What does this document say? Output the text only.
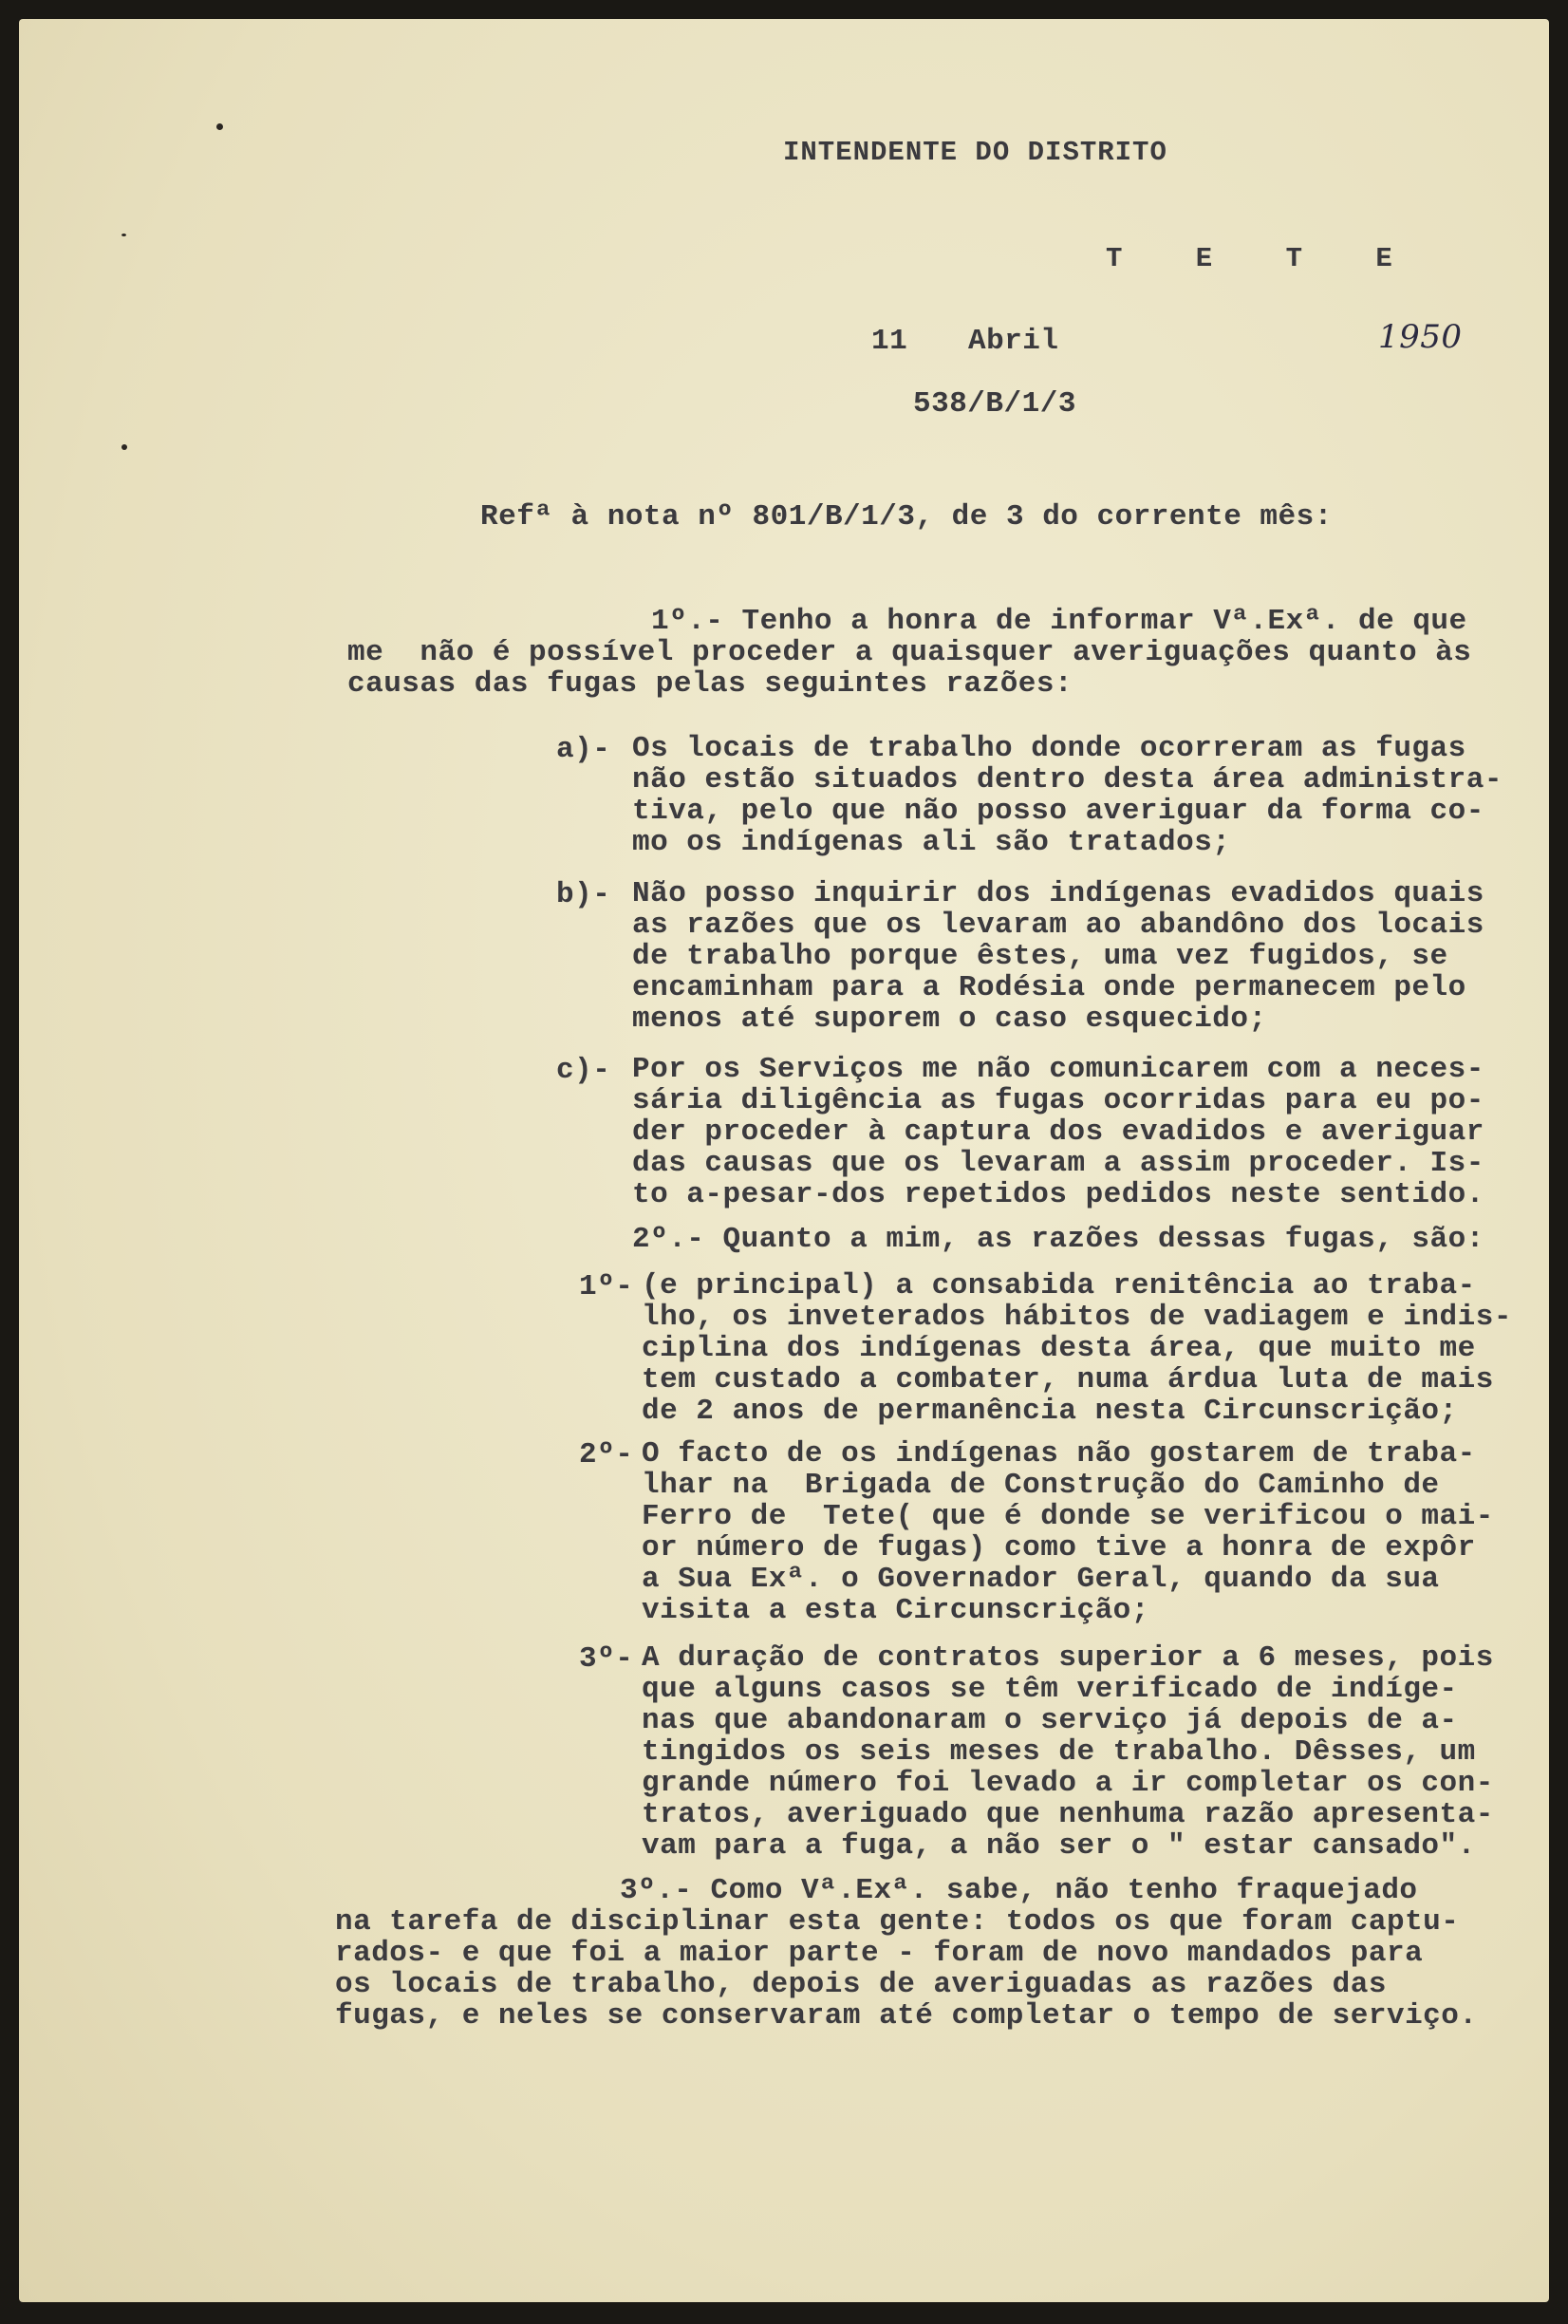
INTENDENTE DO DISTRITO

T E T E

11 Abril	1950

538/B/1/3

Refª à nota nº 801/B/1/3, de 3 do corrente mês:

1º.- Tenho a honra de informar Vª.Exª. de que
me  não é possível proceder a quaisquer averiguações quanto às
causas das fugas pelas seguintes razões:

a)- Os locais de trabalho donde ocorreram as fugas
não estão situados dentro desta área administra-
tiva, pelo que não posso averiguar da forma co-
mo os indígenas ali são tratados;

b)- Não posso inquirir dos indígenas evadidos quais
as razões que os levaram ao abandôno dos locais
de trabalho porque êstes, uma vez fugidos, se
encaminham para a Rodésia onde permanecem pelo
menos até suporem o caso esquecido;

c)- Por os Serviços me não comunicarem com a neces-
sária diligência as fugas ocorridas para eu po-
der proceder à captura dos evadidos e averiguar
das causas que os levaram a assim proceder. Is-
to a-pesar-dos repetidos pedidos neste sentido.

2º.- Quanto a mim, as razões dessas fugas, são:

1º- (e principal) a consabida renitência ao traba-
lho, os inveterados hábitos de vadiagem e indis-
ciplina dos indígenas desta área, que muito me
tem custado a combater, numa árdua luta de mais
de 2 anos de permanência nesta Circunscrição;

2º- O facto de os indígenas não gostarem de traba-
lhar na  Brigada de Construção do Caminho de
Ferro de  Tete( que é donde se verificou o mai-
or número de fugas) como tive a honra de expôr
a Sua Exª. o Governador Geral, quando da sua
visita a esta Circunscrição;

3º- A duração de contratos superior a 6 meses, pois
que alguns casos se têm verificado de indíge-
nas que abandonaram o serviço já depois de a-
tingidos os seis meses de trabalho. Dêsses, um
grande número foi levado a ir completar os con-
tratos, averiguado que nenhuma razão apresenta-
vam para a fuga, a não ser o " estar cansado".
3º.- Como Vª.Exª. sabe, não tenho fraquejado
na tarefa de disciplinar esta gente: todos os que foram captu-
rados- e que foi a maior parte - foram de novo mandados para
os locais de trabalho, depois de averiguadas as razões das
fugas, e neles se conservaram até completar o tempo de serviço.
